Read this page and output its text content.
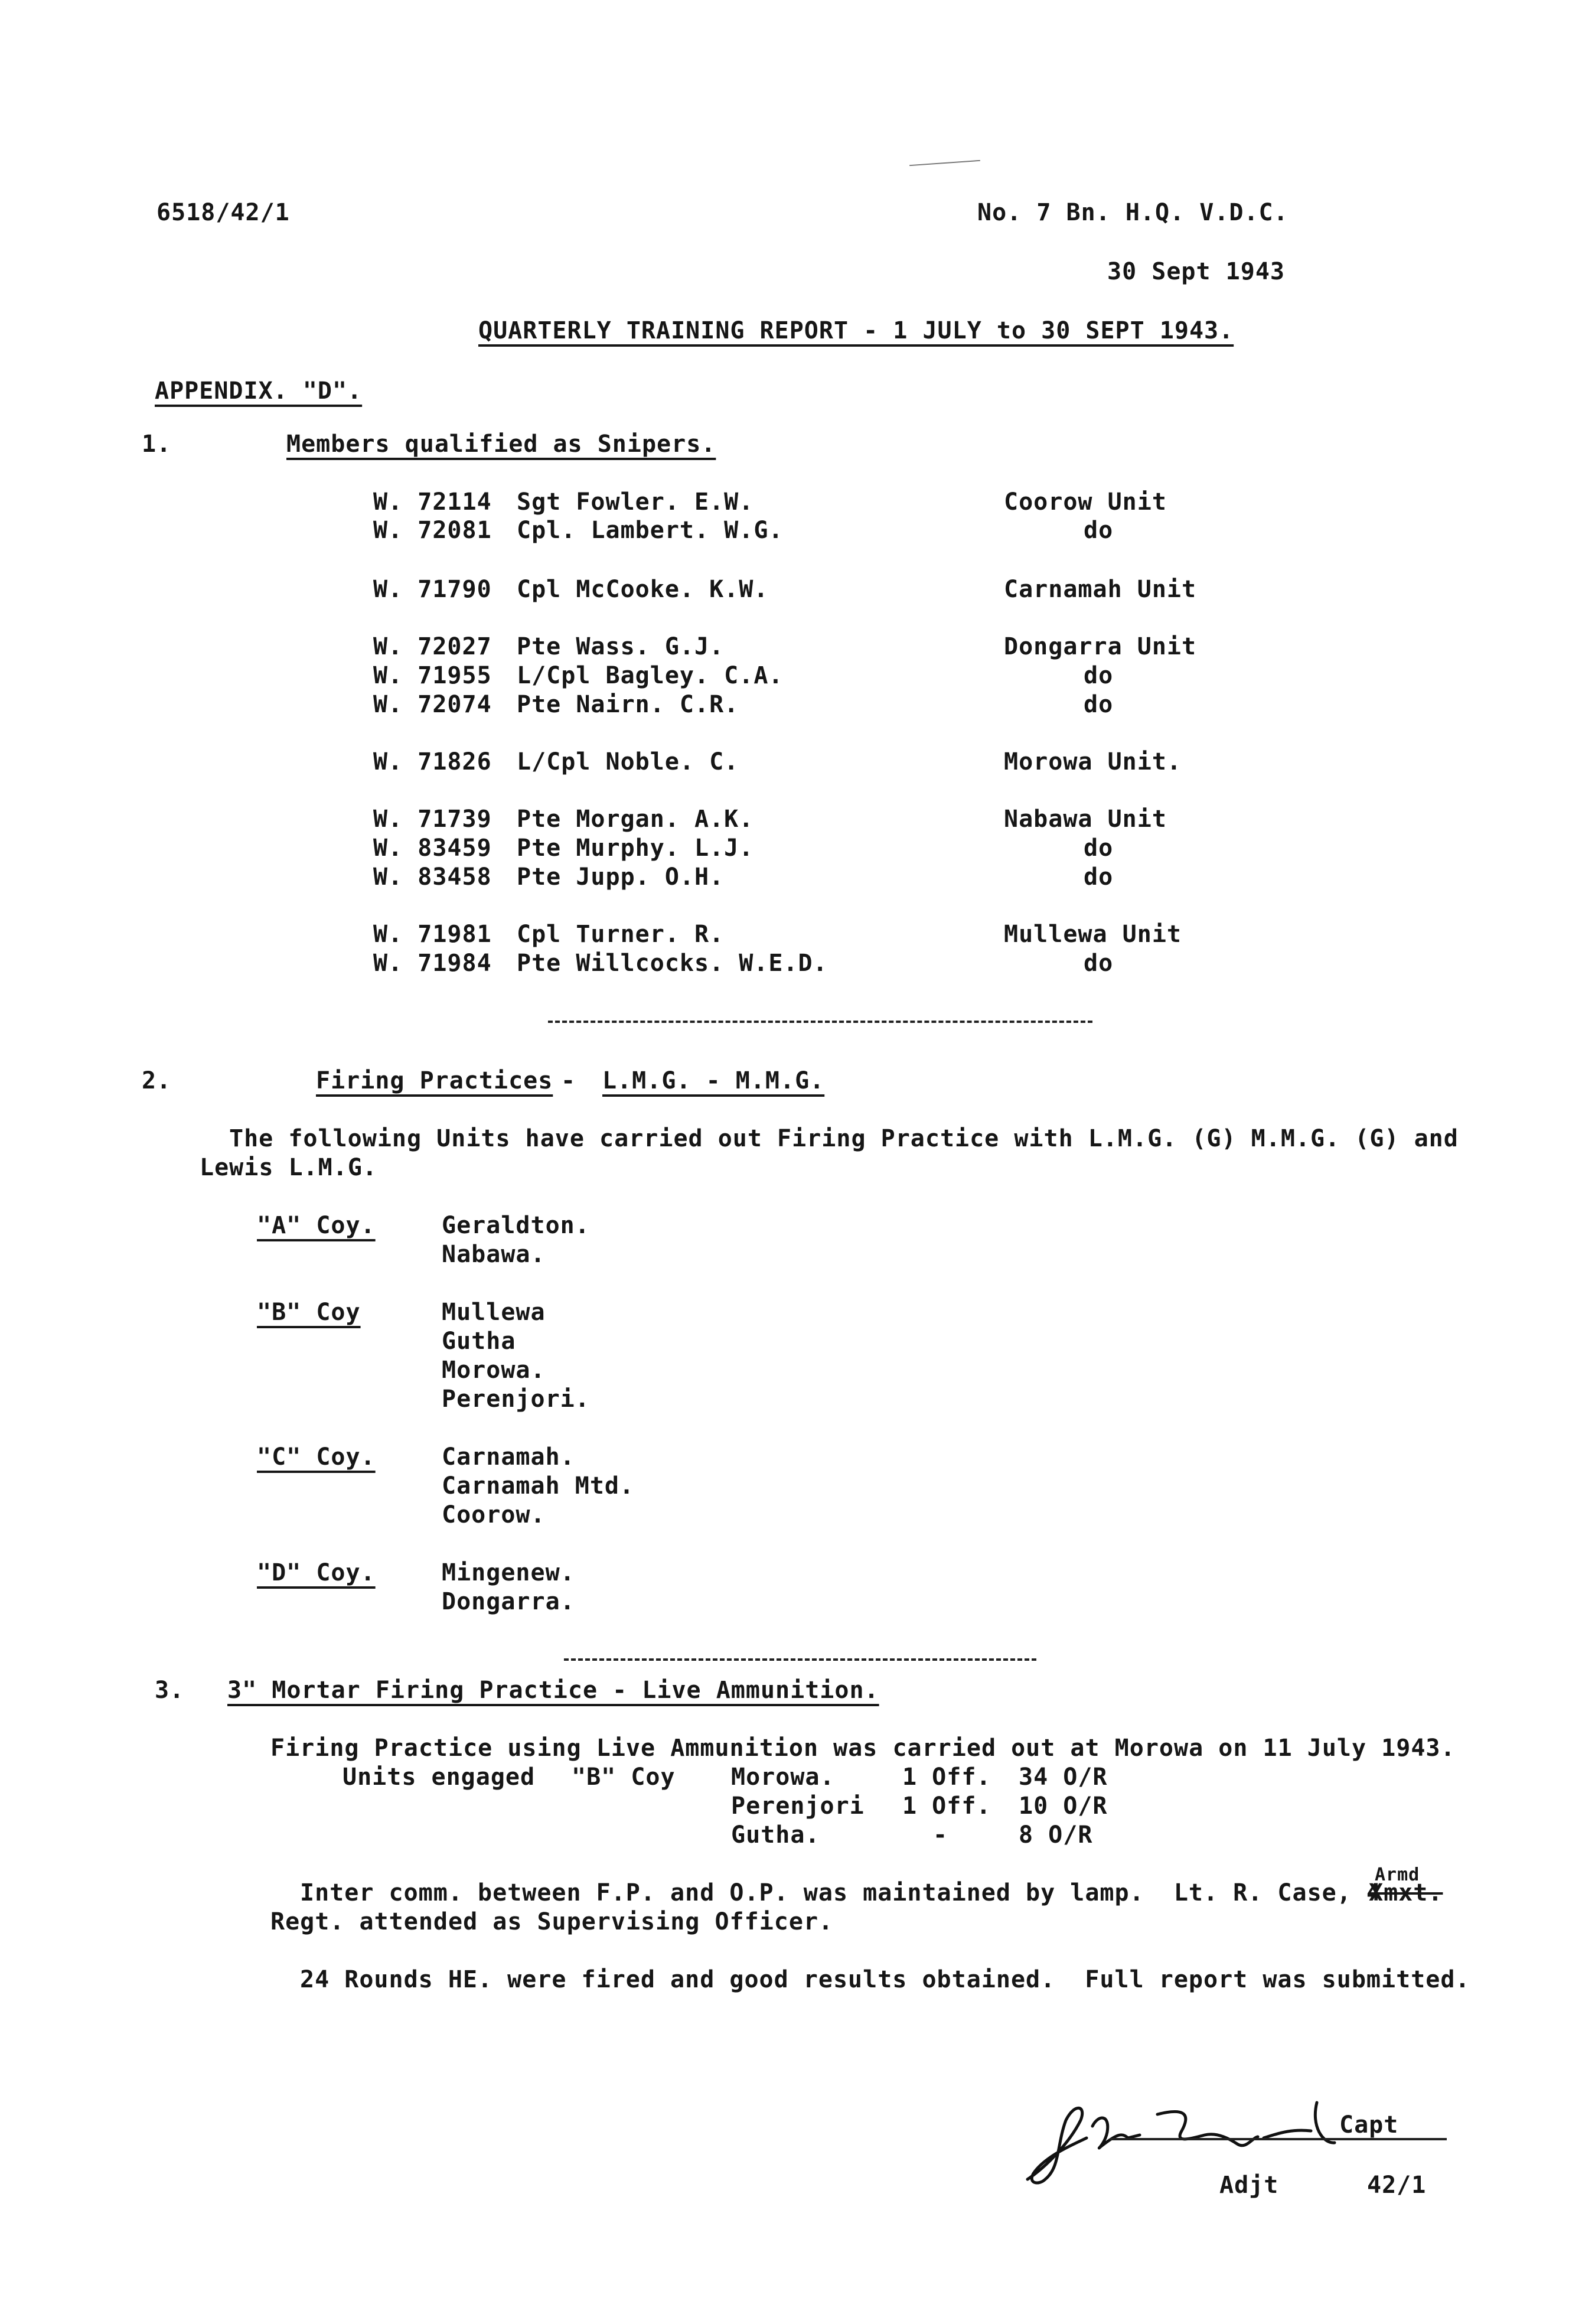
6518/42/1	No. 7 Bn. H.Q. V.D.C.
30 Sept 1943
QUARTERLY TRAINING REPORT - 1 JULY to 30 SEPT 1943.
APPENDIX. "D".
1.	Members qualified as Snipers.
W. 72114 Sgt Fowler. E.W.	Coorow Unit
W. 72081 Cpl. Lambert. W.G.	do
W. 71790 Cpl McCooke. K.W.	Carnamah Unit
W. 72027 Pte Wass. G.J.	Dongarra Unit
W. 71955 L/Cpl Bagley. C.A.	do
W. 72074 Pte Nairn. C.R.	do
W. 71826 L/Cpl Noble. C.	Morowa Unit.
W. 71739 Pte Morgan. A.K.	Nabawa Unit
W. 83459 Pte Murphy. L.J.	do
W. 83458 Pte Jupp. O.H.	do
W. 71981 Cpl Turner. R.	Mullewa Unit
W. 71984 Pte Willcocks. W.E.D.	do
2.	Firing Practices - L.M.G. - M.M.G.
The following Units have carried out Firing Practice with L.M.G. (G) M.M.G. (G) and
Lewis L.M.G.
"A" Coy.	Geraldton.
Nabawa.
"B" Coy	Mullewa
Gutha
Morowa.
Perenjori.
"C" Coy.	Carnamah.
Carnamah Mtd.
Coorow.
"D" Coy.	Mingenew.
Dongarra.
3. 3" Mortar Firing Practice - Live Ammunition.
Firing Practice using Live Ammunition was carried out at Morowa on 11 July 1943.
Units engaged "B" Coy Morowa.	1 Off. 34 O/R
Perenjori 1 Off. 10 O/R
Gutha.	-	8 O/R
Armd
Inter comm. between F.P. and O.P. was maintained by lamp.  Lt. R. Case, 4
Xmxt.
Regt. attended as Supervising Officer.
24 Rounds HE. were fired and good results obtained.  Full report was submitted.
Capt
Adjt	42/1
